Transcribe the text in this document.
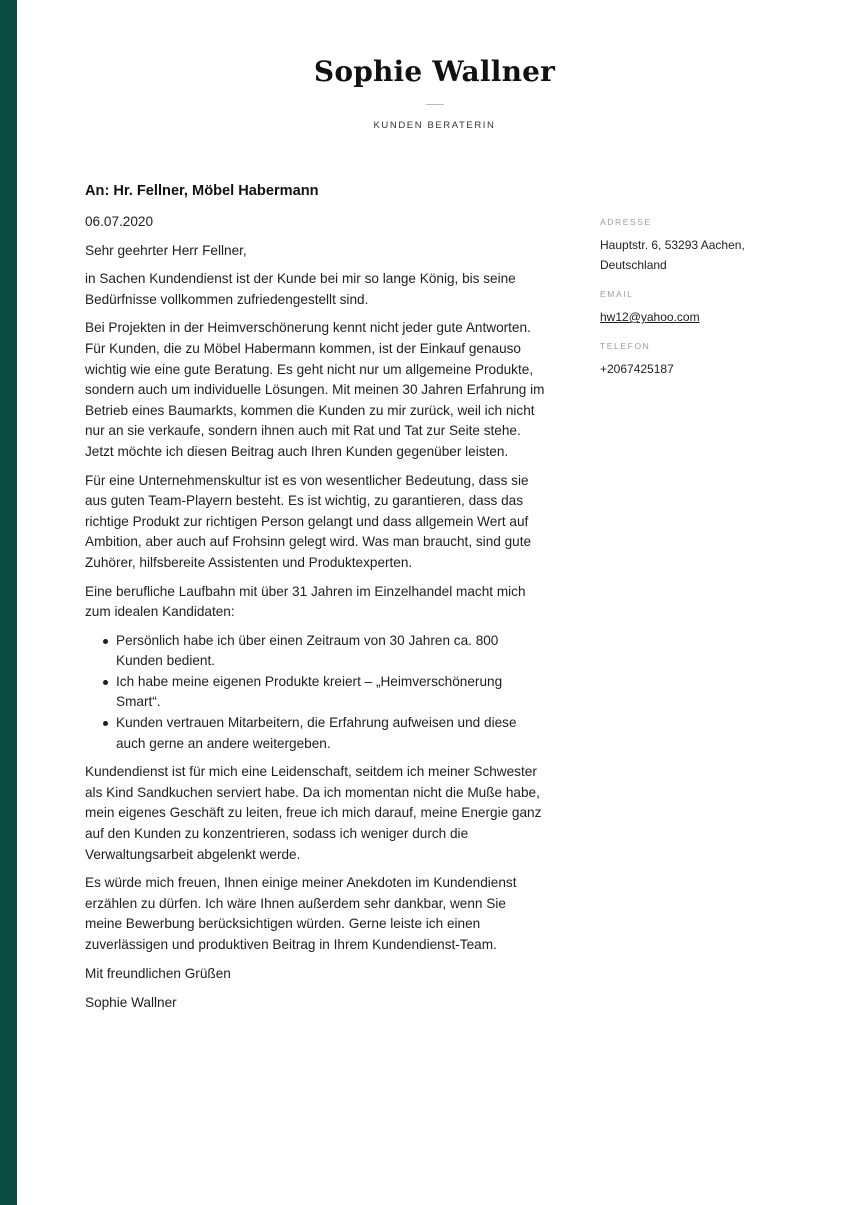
Sophie Wallner
KUNDEN BERATERIN
An: Hr. Fellner, Möbel Habermann
06.07.2020
Sehr geehrter Herr Fellner,

in Sachen Kundendienst ist der Kunde bei mir so lange König, bis seine Bedürfnisse vollkommen zufriedengestellt sind.

Bei Projekten in der Heimverschönerung kennt nicht jeder gute Antworten. Für Kunden, die zu Möbel Habermann kommen, ist der Einkauf genauso wichtig wie eine gute Beratung. Es geht nicht nur um allgemeine Produkte, sondern auch um individuelle Lösungen. Mit meinen 30 Jahren Erfahrung im Betrieb eines Baumarkts, kommen die Kunden zu mir zurück, weil ich nicht nur an sie verkaufe, sondern ihnen auch mit Rat und Tat zur Seite stehe. Jetzt möchte ich diesen Beitrag auch Ihren Kunden gegenüber leisten.

Für eine Unternehmenskultur ist es von wesentlicher Bedeutung, dass sie aus guten Team-Playern besteht. Es ist wichtig, zu garantieren, dass das richtige Produkt zur richtigen Person gelangt und dass allgemein Wert auf Ambition, aber auch auf Frohsinn gelegt wird. Was man braucht, sind gute Zuhörer, hilfsbereite Assistenten und Produktexperten.

Eine berufliche Laufbahn mit über 31 Jahren im Einzelhandel macht mich zum idealen Kandidaten:

Persönlich habe ich über einen Zeitraum von 30 Jahren ca. 800 Kunden bedient.
Ich habe meine eigenen Produkte kreiert – „Heimverschönerung Smart“.
Kunden vertrauen Mitarbeitern, die Erfahrung aufweisen und diese auch gerne an andere weitergeben.

Kundendienst ist für mich eine Leidenschaft, seitdem ich meiner Schwester als Kind Sandkuchen serviert habe. Da ich momentan nicht die Muße habe, mein eigenes Geschäft zu leiten, freue ich mich darauf, meine Energie ganz auf den Kunden zu konzentrieren, sodass ich weniger durch die Verwaltungsarbeit abgelenkt werde.

Es würde mich freuen, Ihnen einige meiner Anekdoten im Kundendienst erzählen zu dürfen. Ich wäre Ihnen außerdem sehr dankbar, wenn Sie meine Bewerbung berücksichtigen würden. Gerne leiste ich einen zuverlässigen und produktiven Beitrag in Ihrem Kundendienst-Team.

Mit freundlichen Grüßen
Sophie Wallner
ADRESSE
Hauptstr. 6, 53293 Aachen,
Deutschland
EMAIL
hw12@yahoo.com
TELEFON
+2067425187
